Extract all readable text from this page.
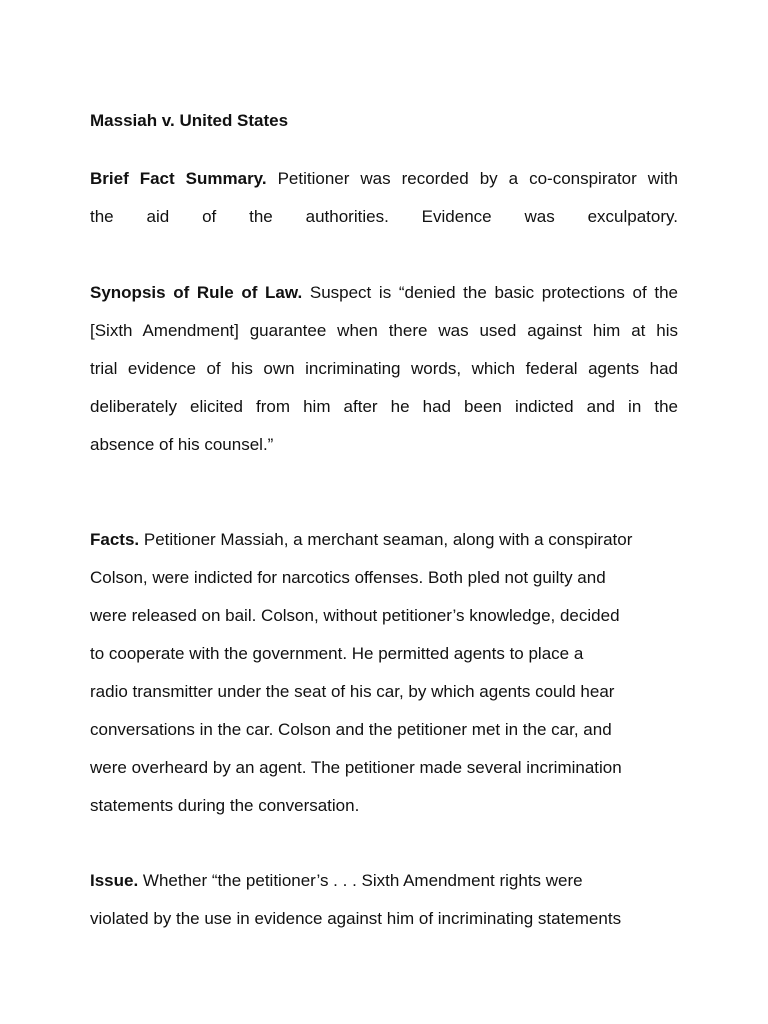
Massiah v. United States
Brief Fact Summary. Petitioner was recorded by a co-conspirator with
the aid of the authorities. Evidence was exculpatory.
Synopsis of Rule of Law. Suspect is “denied the basic protections of the
[Sixth Amendment] guarantee when there was used against him at his
trial evidence of his own incriminating words, which federal agents had
deliberately elicited from him after he had been indicted and in the
absence of his counsel.”
Facts. Petitioner Massiah, a merchant seaman, along with a conspirator
Colson, were indicted for narcotics offenses. Both pled not guilty and
were released on bail. Colson, without petitioner’s knowledge, decided
to cooperate with the government. He permitted agents to place a
radio transmitter under the seat of his car, by which agents could hear
conversations in the car. Colson and the petitioner met in the car, and
were overheard by an agent. The petitioner made several incrimination
statements during the conversation.
Issue. Whether “the petitioner’s . . . Sixth Amendment rights were
violated by the use in evidence against him of incriminating statements
